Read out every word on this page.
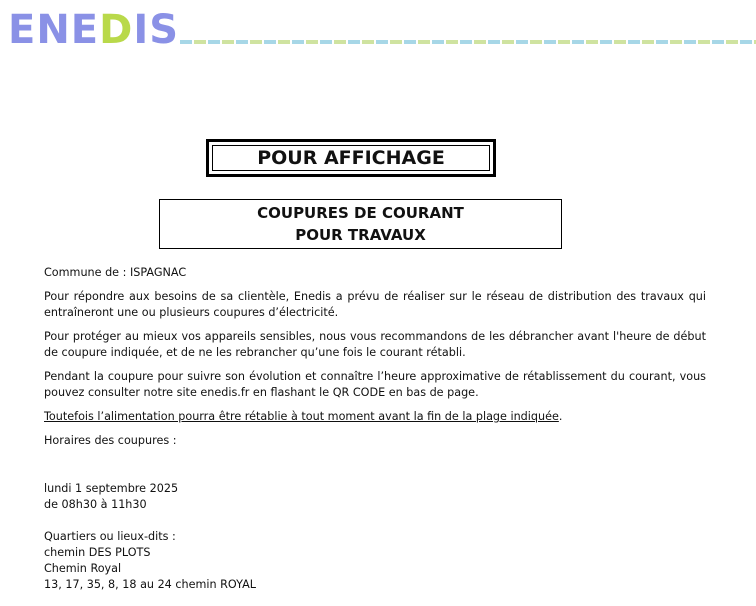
ENEDIS
POUR AFFICHAGE
COUPURES DE COURANT
POUR TRAVAUX

Commune de : ISPAGNAC

Pour répondre aux besoins de sa clientèle, Enedis a prévu de réaliser sur le réseau de distribution des travaux qui entraîneront une ou plusieurs coupures d’électricité.

Pour protéger au mieux vos appareils sensibles, nous vous recommandons de les débrancher avant l'heure de début de coupure indiquée, et de ne les rebrancher qu’une fois le courant rétabli.

Pendant la coupure pour suivre son évolution et connaître l’heure approximative de rétablissement du courant, vous pouvez consulter notre site enedis.fr en flashant le QR CODE en bas de page.

Toutefois l’alimentation pourra être rétablie à tout moment avant la fin de la plage indiquée.

Horaires des coupures :

lundi 1 septembre 2025

de 08h30 à 11h30

Quartiers ou lieux-dits :

chemin DES PLOTS

Chemin Royal

13, 17, 35, 8, 18 au 24 chemin ROYAL
